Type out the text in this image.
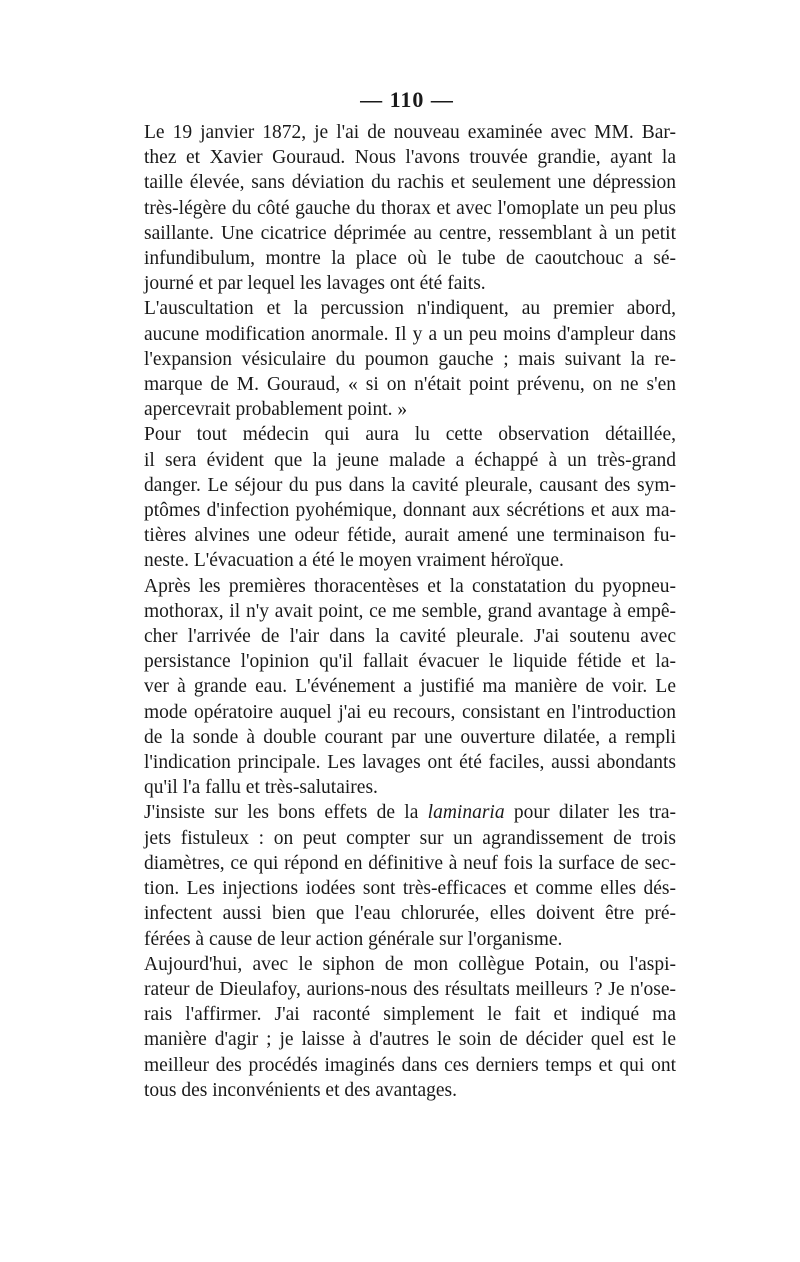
— 110 —
Le 19 janvier 1872, je l'ai de nouveau examinée avec MM. Bar-
thez et Xavier Gouraud. Nous l'avons trouvée grandie, ayant la
taille élevée, sans déviation du rachis et seulement une dépression
très-légère du côté gauche du thorax et avec l'omoplate un peu plus
saillante. Une cicatrice déprimée au centre, ressemblant à un petit
infundibulum, montre la place où le tube de caoutchouc a sé-
journé et par lequel les lavages ont été faits.
L'auscultation et la percussion n'indiquent, au premier abord,
aucune modification anormale. Il y a un peu moins d'ampleur dans
l'expansion vésiculaire du poumon gauche ; mais suivant la re-
marque de M. Gouraud, « si on n'était point prévenu, on ne s'en
apercevrait probablement point. »
Pour tout médecin qui aura lu cette observation détaillée,
il sera évident que la jeune malade a échappé à un très-grand
danger. Le séjour du pus dans la cavité pleurale, causant des sym-
ptômes d'infection pyohémique, donnant aux sécrétions et aux ma-
tières alvines une odeur fétide, aurait amené une terminaison fu-
neste. L'évacuation a été le moyen vraiment héroïque.
Après les premières thoracentèses et la constatation du pyopneu-
mothorax, il n'y avait point, ce me semble, grand avantage à empê-
cher l'arrivée de l'air dans la cavité pleurale. J'ai soutenu avec
persistance l'opinion qu'il fallait évacuer le liquide fétide et la-
ver à grande eau. L'événement a justifié ma manière de voir. Le
mode opératoire auquel j'ai eu recours, consistant en l'introduction
de la sonde à double courant par une ouverture dilatée, a rempli
l'indication principale. Les lavages ont été faciles, aussi abondants
qu'il l'a fallu et très-salutaires.
J'insiste sur les bons effets de la laminaria pour dilater les tra-
jets fistuleux : on peut compter sur un agrandissement de trois
diamètres, ce qui répond en définitive à neuf fois la surface de sec-
tion. Les injections iodées sont très-efficaces et comme elles dés-
infectent aussi bien que l'eau chlorurée, elles doivent être pré-
férées à cause de leur action générale sur l'organisme.
Aujourd'hui, avec le siphon de mon collègue Potain, ou l'aspi-
rateur de Dieulafoy, aurions-nous des résultats meilleurs ? Je n'ose-
rais l'affirmer. J'ai raconté simplement le fait et indiqué ma
manière d'agir ; je laisse à d'autres le soin de décider quel est le
meilleur des procédés imaginés dans ces derniers temps et qui ont
tous des inconvénients et des avantages.
